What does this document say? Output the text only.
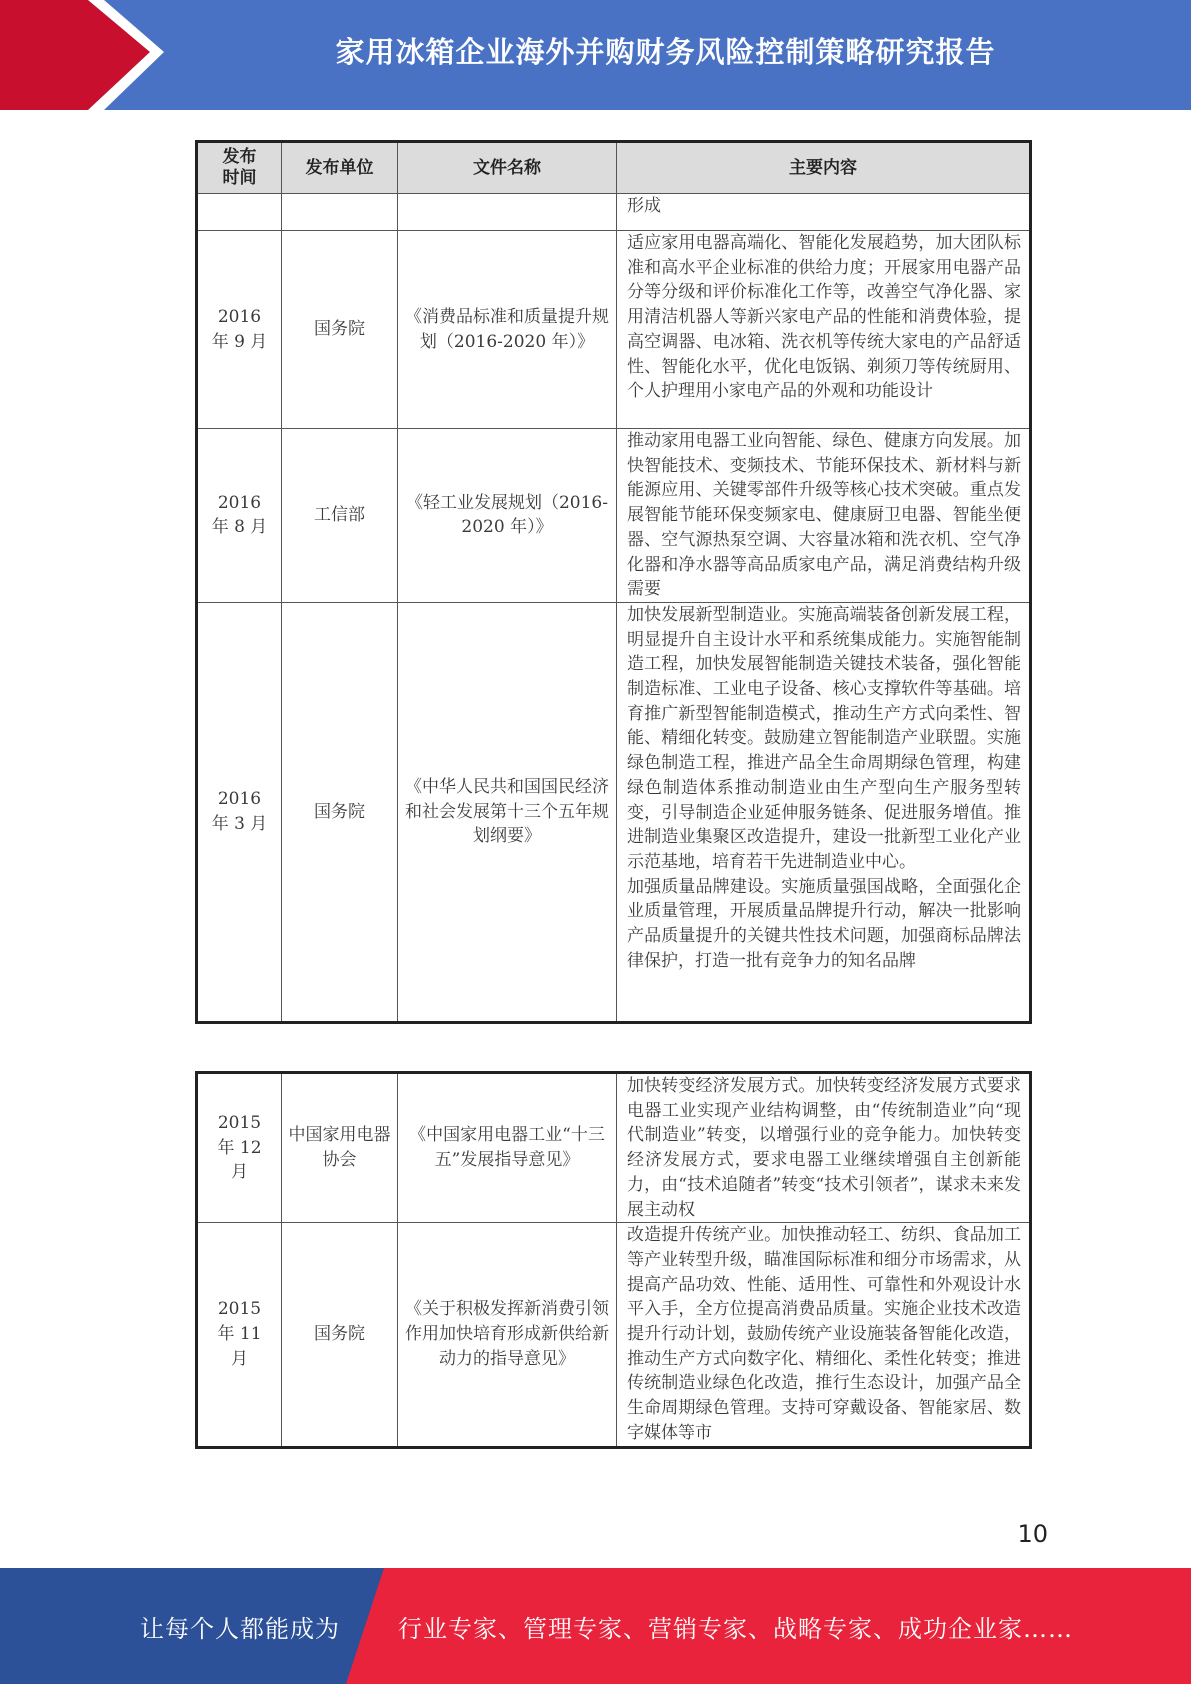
家用冰箱企业海外并购财务风险控制策略研究报告
发布时间	发布单位	文件名称	主要内容
			形成

2016 年 9 月	国务院	《消费品标准和质量提升规划（2016-2020 年）》	适应家用电器高端化、智能化发展趋势，加大团队标准和高水平企业标准的供给力度；开展家用电器产品分等分级和评价标准化工作等，改善空气净化器、家用清洁机器人等新兴家电产品的性能和消费体验，提高空调器、电冰箱、洗衣机等传统大家电的产品舒适性、智能化水平，优化电饭锅、剃须刀等传统厨用、个人护理用小家电产品的外观和功能设计

2016 年 8 月	工信部	《轻工业发展规划（2016-2020 年）》	推动家用电器工业向智能、绿色、健康方向发展。加快智能技术、变频技术、节能环保技术、新材料与新能源应用、关键零部件升级等核心技术突破。重点发展智能节能环保变频家电、健康厨卫电器、智能坐便器、空气源热泵空调、大容量冰箱和洗衣机、空气净化器和净水器等高品质家电产品，满足消费结构升级需要

2016 年 3 月	国务院	《中华人民共和国国民经济和社会发展第十三个五年规划纲要》	加快发展新型制造业。实施高端装备创新发展工程，明显提升自主设计水平和系统集成能力。实施智能制造工程，加快发展智能制造关键技术装备，强化智能制造标准、工业电子设备、核心支撑软件等基础。培育推广新型智能制造模式，推动生产方式向柔性、智能、精细化转变。鼓励建立智能制造产业联盟。实施绿色制造工程，推进产品全生命周期绿色管理，构建绿色制造体系推动制造业由生产型向生产服务型转变，引导制造企业延伸服务链条、促进服务增值。推进制造业集聚区改造提升，建设一批新型工业化产业示范基地，培育若干先进制造业中心。
加强质量品牌建设。实施质量强国战略，全面强化企业质量管理，开展质量品牌提升行动，解决一批影响产品质量提升的关键共性技术问题，加强商标品牌法律保护，打造一批有竞争力的知名品牌
2015 年 12 月	中国家用电器协会	《中国家用电器工业“十三五”发展指导意见》	加快转变经济发展方式。加快转变经济发展方式要求电器工业实现产业结构调整，由“传统制造业”向“现代制造业”转变，以增强行业的竞争能力。加快转变经济发展方式，要求电器工业继续增强自主创新能力，由“技术追随者”转变“技术引领者”，谋求未来发展主动权

2015 年 11 月	国务院	《关于积极发挥新消费引领作用加快培育形成新供给新动力的指导意见》	改造提升传统产业。加快推动轻工、纺织、食品加工等产业转型升级，瞄准国际标准和细分市场需求，从提高产品功效、性能、适用性、可靠性和外观设计水平入手，全方位提高消费品质量。实施企业技术改造提升行动计划，鼓励传统产业设施装备智能化改造，推动生产方式向数字化、精细化、柔性化转变；推进传统制造业绿色化改造，推行生态设计，加强产品全生命周期绿色管理。支持可穿戴设备、智能家居、数字媒体等市
10
让每个人都能成为 行业专家、管理专家、营销专家、战略专家、成功企业家……
